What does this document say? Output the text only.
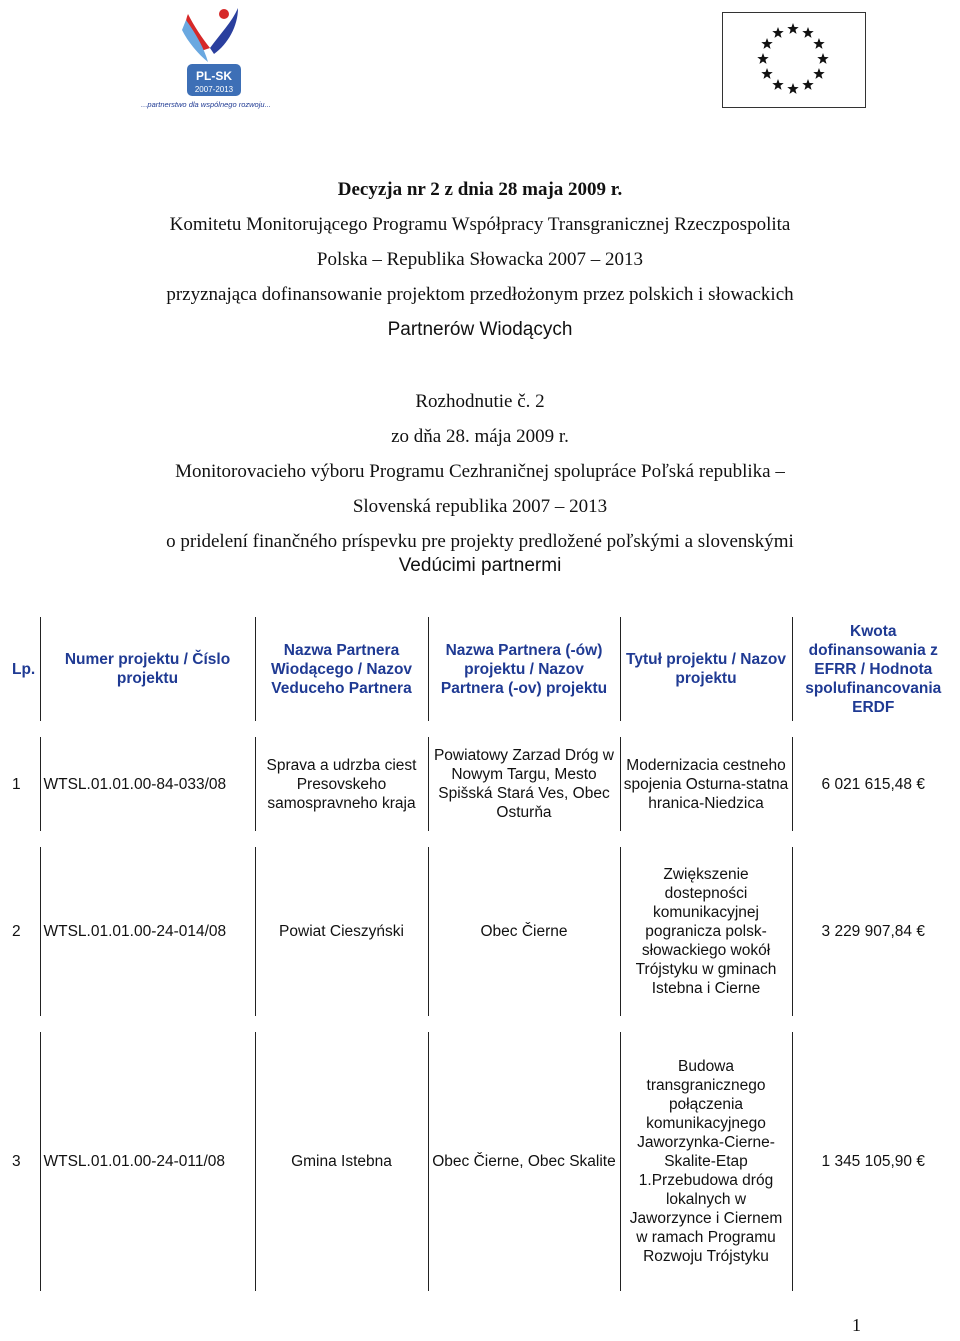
PL-SK
2007-2013
...partnerstwo dla wspólnego rozwoju...
Decyzja nr 2 z dnia 28 maja 2009 r.
Komitetu Monitorującego Programu Współpracy Transgranicznej Rzeczpospolita
Polska – Republika Słowacka 2007 – 2013
przyznająca dofinansowanie projektom przedłożonym przez polskich i słowackich
Partnerów Wiodących
Rozhodnutie č. 2
zo dňa 28. mája 2009 r.
Monitorovacieho výboru Programu Cezhraničnej spolupráce Poľská republika –
Slovenská republika 2007 – 2013
o pridelení finančného príspevku pre projekty predložené poľskými a slovenskými
Vedúcimi partnermi
Lp.	Numer projektu / Číslo projektu	Nazwa Partnera Wiodącego / Nazov Veduceho Partnera	Nazwa Partnera (-ów) projektu / Nazov Partnera (-ov) projektu	Tytuł projektu / Nazov projektu	Kwota dofinansowania z EFRR / Hodnota spolufinancovania ERDF

1	WTSL.01.01.00-84-033/08	Sprava a udrzba ciest Presovskeho samospravneho kraja	Powiatowy Zarzad Dróg w Nowym Targu, Mesto Spišská Stará Ves, Obec Osturňa	Modernizacia cestneho spojenia Osturna-statna hranica-Niedzica	6 021 615,48 €

2	WTSL.01.01.00-24-014/08	Powiat Cieszyński	Obec Čierne	Zwiększenie dostepności komunikacyjnej pogranicza polsk-słowackiego wokół Trójstyku w gminach Istebna i Cierne	3 229 907,84 €

3	WTSL.01.01.00-24-011/08	Gmina Istebna	Obec Čierne, Obec Skalite	Budowa transgranicznego połączenia komunikacyjnego Jaworzynka-Cierne-Skalite-Etap 1.Przebudowa dróg lokalnych w Jaworzynce i Ciernem w ramach Programu Rozwoju Trójstyku	1 345 105,90 €
1
